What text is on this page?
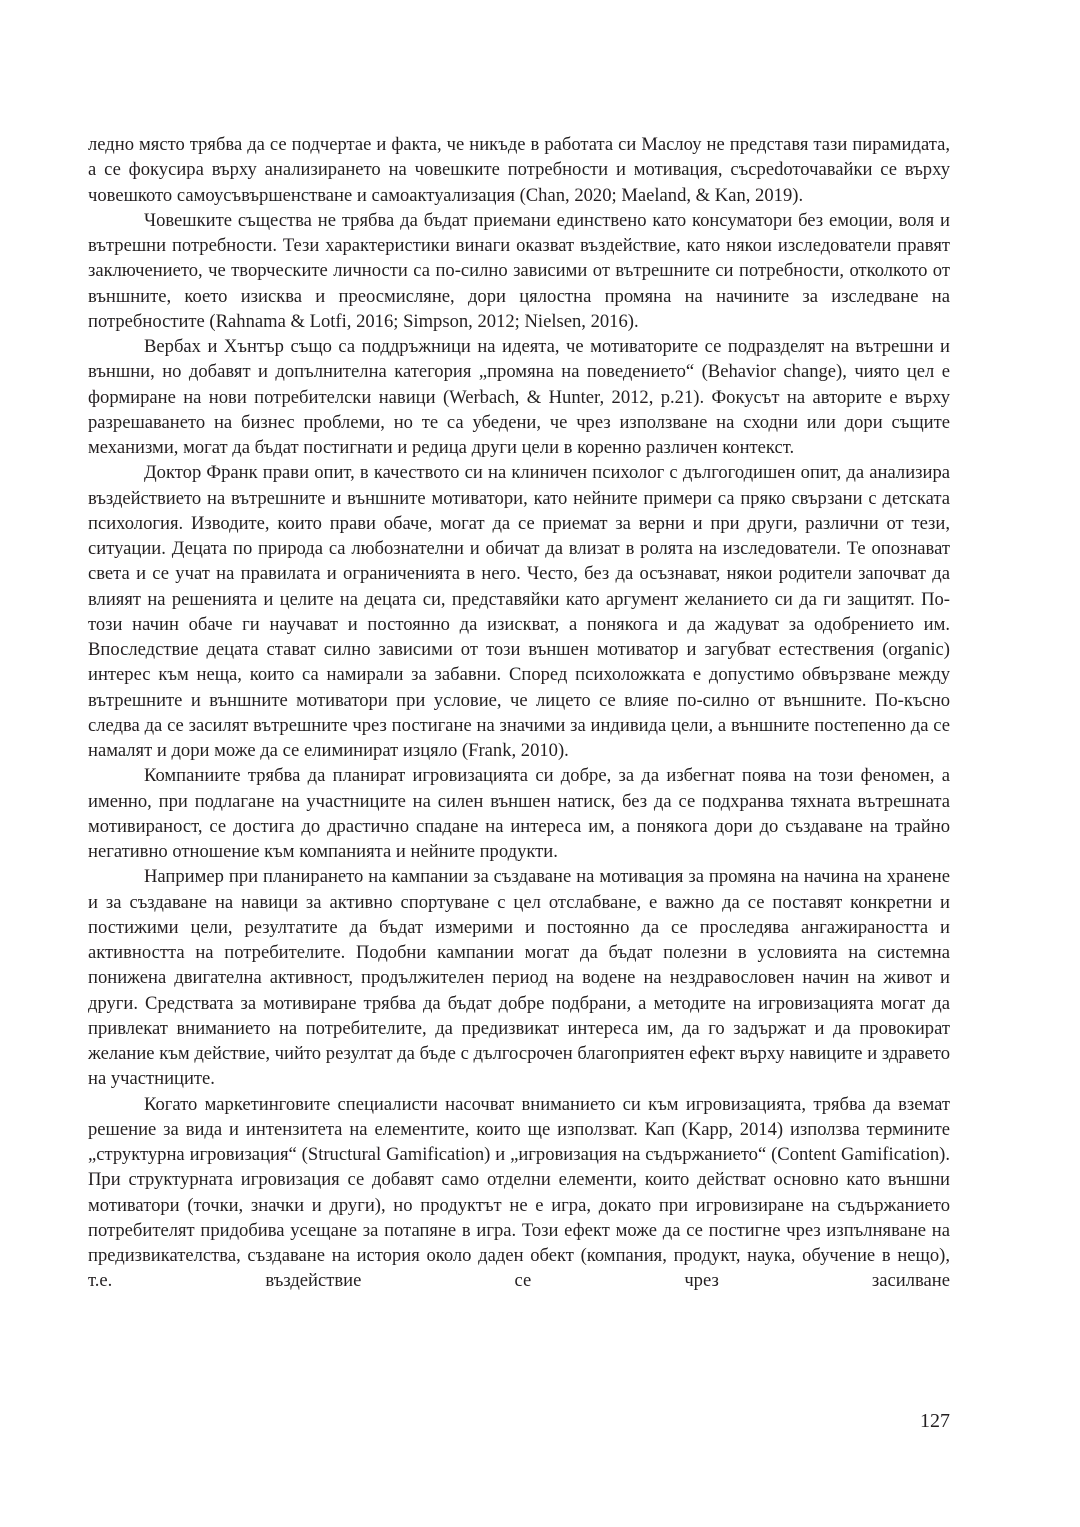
ледно място трябва да се подчертае и факта, че никъде в работата си Маслоу не представя тази пирамидата, а се фокусира върху анализирането на човешките потребности и мотивация, съсреdоточавайки се върху човешкото самоусъвършенстване и самоактуализация (Chan, 2020; Maeland, & Kan, 2019).

Човешките същества не трябва да бъдат приемани единствено като консуматори без емоции, воля и вътрешни потребности. Тези характеристики винаги оказват въздействие, като някои изследователи правят заключението, че творческите личности са по-силно зависими от вътрешните си потребности, отколкото от външните, което изисква и преосмисляне, дори цялостна промяна на начините за изследване на потребностите (Rahnama & Lotfi, 2016; Simpson, 2012; Nielsen, 2016).

Вербах и Хънтър също са поддръжници на идеята, че мотиваторите се подразделят на вътрешни и външни, но добавят и допълнителна категория „промяна на поведението“ (Behavior change), чиято цел е формиране на нови потребителски навици (Werbach, & Hunter, 2012, p.21). Фокусът на авторите е върху разрешаването на бизнес проблеми, но те са убедени, че чрез използване на сходни или дори същите механизми, могат да бъдат постигнати и редица други цели в коренно различен контекст.

Доктор Франк прави опит, в качеството си на клиничен психолог с дългогодишен опит, да анализира въздействието на вътрешните и външните мотиватори, като нейните примери са пряко свързани с детската психология. Изводите, които прави обаче, могат да се приемат за верни и при други, различни от тези, ситуации. Децата по природа са любознателни и обичат да влизат в ролята на изследователи. Те опознават света и се учат на правилата и ограниченията в него. Често, без да осъзнават, някои родители започват да влияят на решенията и целите на децата си, представяйки като аргумент желанието си да ги защитят. По-този начин обаче ги научават и постоянно да изискват, а понякога и да жадуват за одобрението им. Впоследствие децата стават силно зависими от този външен мотиватор и загубват естествения (organic) интерес към неща, които са намирали за забавни. Според психоложката е допустимо обвързване между вътрешните и външните мотиватори при условие, че лицето се влияе по-силно от външните. По-късно следва да се засилят вътрешните чрез постигане на значими за индивида цели, а външните постепенно да се намалят и дори може да се елиминират изцяло (Frank, 2010).

Компаниите трябва да планират игровизацията си добре, за да избегнат поява на този феномен, а именно, при подлагане на участниците на силен външен натиск, без да се подхранва тяхната вътрешната мотивираност, се достига до драстично спадане на интереса им, а понякога дори до създаване на трайно негативно отношение към компанията и нейните продукти.

Например при планирането на кампании за създаване на мотивация за промяна на начина на хранене и за създаване на навици за активно спортуване с цел отслабване, е важно да се поставят конкретни и постижими цели, резултатите да бъдат измерими и постоянно да се проследява ангажираността и активността на потребителите. Подобни кампании могат да бъдат полезни в условията на системна понижена двигателна активност, продължителен период на водене на нездравословен начин на живот и други. Средствата за мотивиране трябва да бъдат добре подбрани, а методите на игровизацията могат да привлекат вниманието на потребителите, да предизвикат интереса им, да го задържат и да провокират желание към действие, чийто резултат да бъде с дългосрочен благоприятен ефект върху навиците и здравето на участниците.

Когато маркетинговите специалисти насочват вниманието си към игровизацията, трябва да вземат решение за вида и интензитета на елементите, които ще използват. Кап (Kapp, 2014) използва термините „структурна игровизация“ (Structural Gamification) и „игровизация на съдържанието“ (Content Gamification). При структурната игровизация се добавят само отделни елементи, които действат основно като външни мотиватори (точки, значки и други), но продуктът не е игра, докато при игровизиране на съдържанието потребителят придобива усещане за потапяне в игра. Този ефект може да се постигне чрез изпълняване на предизвикателства, създаване на история около даден обект (компания, продукт, наука, обучение в нещо), т.е. въздействие се чрез засилване

127
